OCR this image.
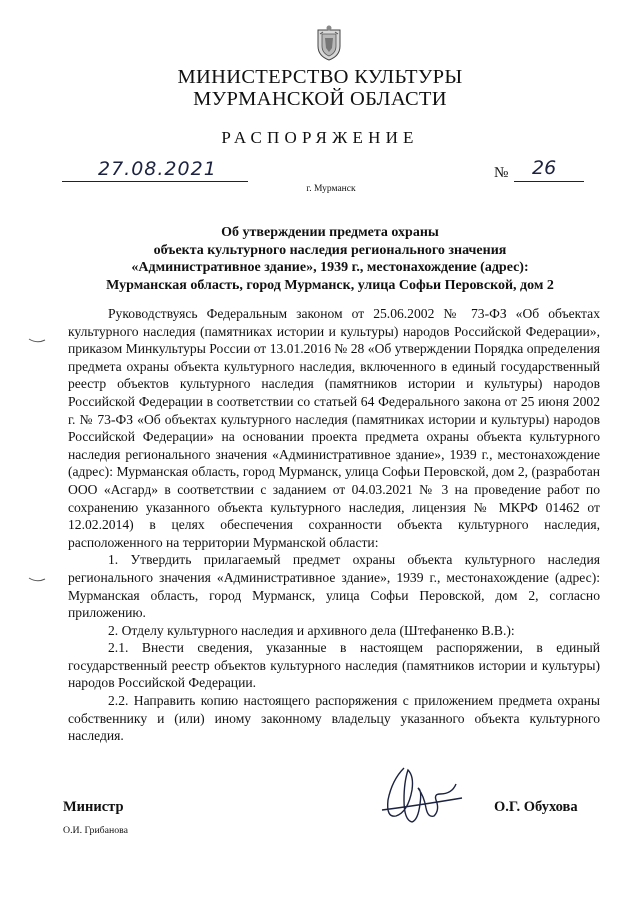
МИНИСТЕРСТВО КУЛЬТУРЫ
МУРМАНСКОЙ ОБЛАСТИ
РАСПОРЯЖЕНИЕ
27.08.2021	№ 26
г. Мурманск
Об утверждении предмета охраны
объекта культурного наследия регионального значения
«Административное здание», 1939 г., местонахождение (адрес):
Мурманская область, город Мурманск, улица Софьи Перовской, дом 2

Руководствуясь Федеральным законом от 25.06.2002 № 73-ФЗ «Об объектах культурного наследия (памятниках истории и культуры) народов Российской Федерации», приказом Минкультуры России от 13.01.2016 № 28 «Об утверждении Порядка определения предмета охраны объекта культурного наследия, включенного в единый государственный реестр объектов культурного наследия (памятников истории и культуры) народов Российской Федерации в соответствии со статьей 64 Федерального закона от 25 июня 2002 г. № 73-ФЗ «Об объектах культурного наследия (памятниках истории и культуры) народов Российской Федерации» на основании проекта предмета охраны объекта культурного наследия регионального значения «Административное здание», 1939 г., местонахождение (адрес): Мурманская область, город Мурманск, улица Софьи Перовской, дом 2, (разработан ООО «Асгард» в соответствии с заданием от 04.03.2021 № 3 на проведение работ по сохранению указанного объекта культурного наследия, лицензия № МКРФ 01462 от 12.02.2014) в целях обеспечения сохранности объекта культурного наследия, расположенного на территории Мурманской области:

1. Утвердить прилагаемый предмет охраны объекта культурного наследия регионального значения «Административное здание», 1939 г., местонахождение (адрес): Мурманская область, город Мурманск, улица Софьи Перовской, дом 2, согласно приложению.

2. Отделу культурного наследия и архивного дела (Штефаненко В.В.):

2.1. Внести сведения, указанные в настоящем распоряжении, в единый государственный реестр объектов культурного наследия (памятников истории и культуры) народов Российской Федерации.

2.2. Направить копию настоящего распоряжения с приложением предмета охраны собственнику и (или) иному законному владельцу указанного объекта культурного наследия.

Министр	О.Г. Обухова
О.И. Грибанова
